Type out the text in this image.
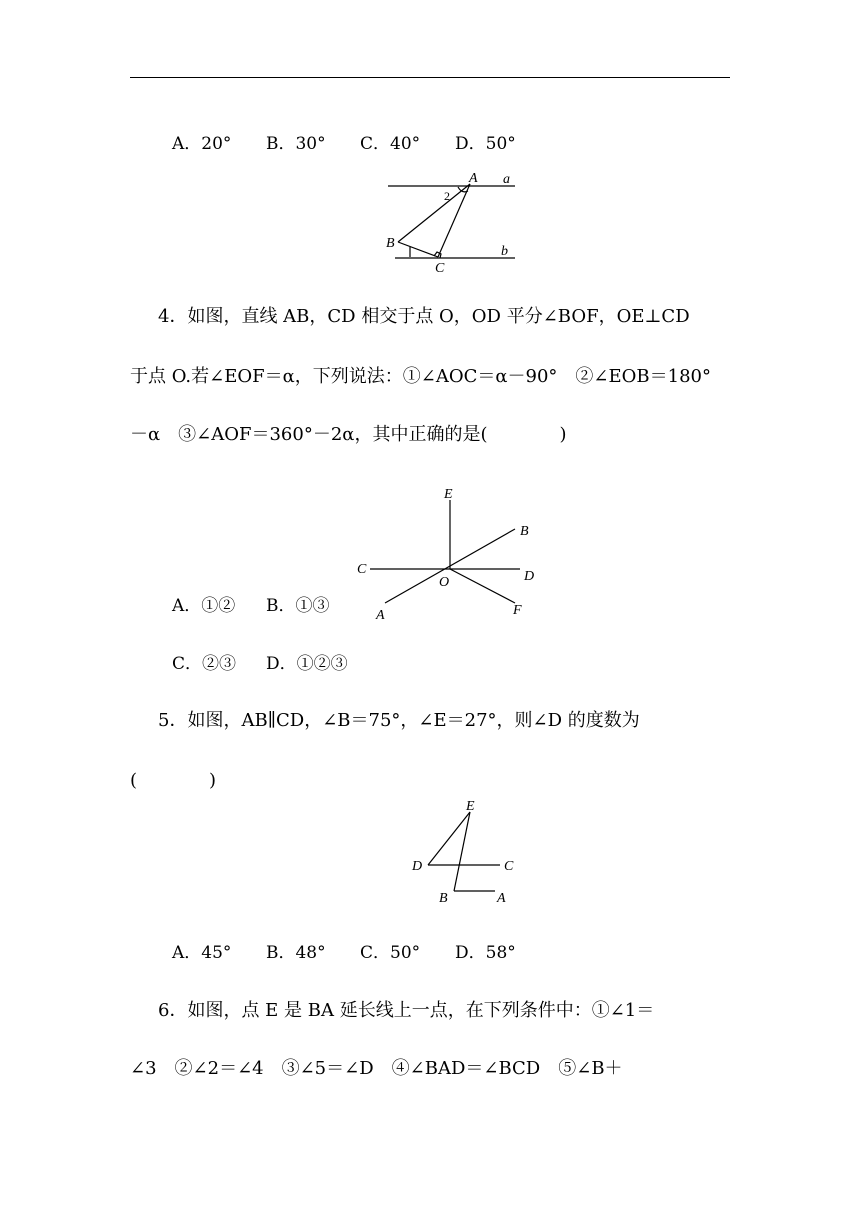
A．20° B．30° C．40° D．50°
A a
2
B
C
b
4．如图，直线 AB，CD 相交于点 O，OD 平分∠BOF，OE⊥CD
于点 O.若∠EOF＝α，下列说法：①∠AOC＝α－90°　②∠EOB＝180°
－α　③∠AOF＝360°－2α，其中正确的是(　　　　)
E
B
C
O	D
A	F
A．①② B．①③
C．②③ D．①②③
5．如图，AB∥CD，∠B＝75°，∠E＝27°，则∠D 的度数为
(　　　　)
E
D	C
B	A
A．45° B．48° C．50° D．58°
6．如图，点 E 是 BA 延长线上一点，在下列条件中：①∠1＝
∠3　②∠2＝∠4　③∠5＝∠D　④∠BAD＝∠BCD　⑤∠B＋
